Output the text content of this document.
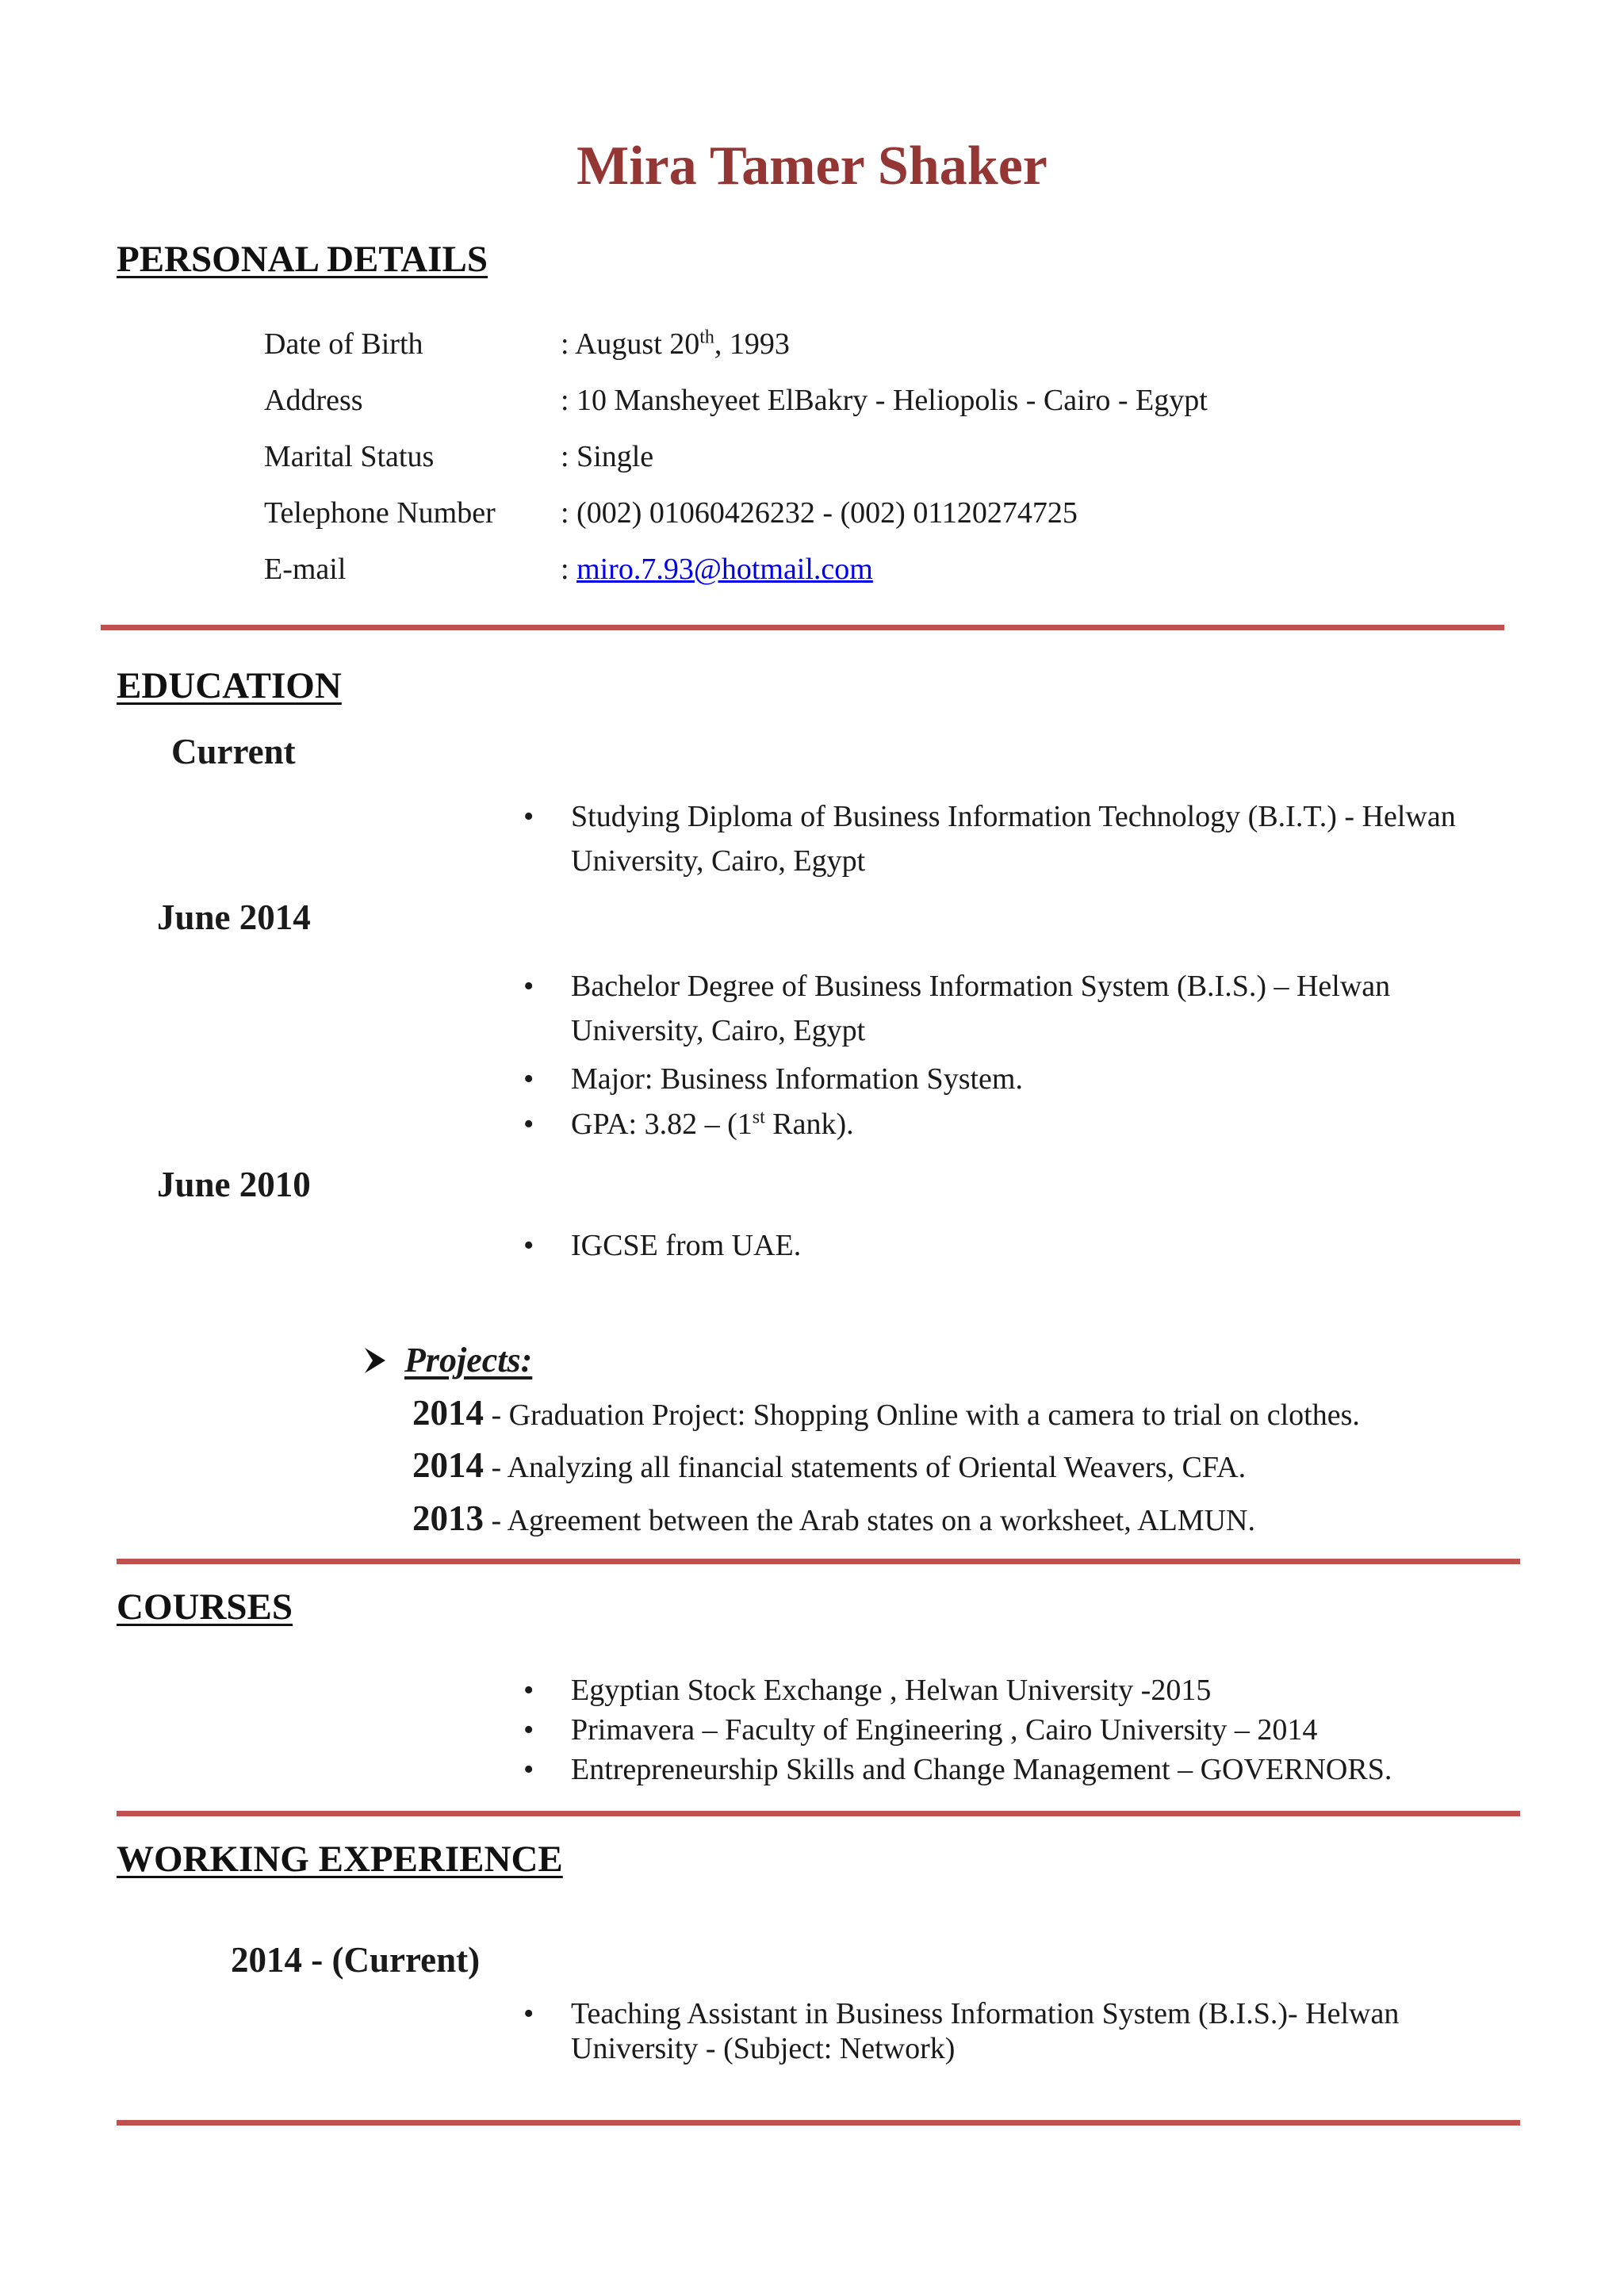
Mira Tamer Shaker
PERSONAL DETAILS
Date of Birth	: August 20th, 1993
Address	: 10 Mansheyeet ElBakry - Heliopolis - Cairo - Egypt
Marital Status	: Single
Telephone Number : (002) 01060426232 - (002) 01120274725
E-mail	: miro.7.93@hotmail.com
EDUCATION
Current
• Studying Diploma of Business Information Technology (B.I.T.) - Helwan University, Cairo, Egypt
June 2014
• Bachelor Degree of Business Information System (B.I.S.) – Helwan University, Cairo, Egypt
• Major: Business Information System.
• GPA: 3.82 – (1st Rank).
June 2010
• IGCSE from UAE.
Projects:
2014 - Graduation Project: Shopping Online with a camera to trial on clothes.
2014 - Analyzing all financial statements of Oriental Weavers, CFA.
2013 - Agreement between the Arab states on a worksheet, ALMUN.
COURSES
• Egyptian Stock Exchange , Helwan University -2015
• Primavera – Faculty of Engineering , Cairo University – 2014
• Entrepreneurship Skills and Change Management – GOVERNORS.
WORKING EXPERIENCE
2014 - (Current)
• Teaching Assistant in Business Information System (B.I.S.)- Helwan University - (Subject: Network)
